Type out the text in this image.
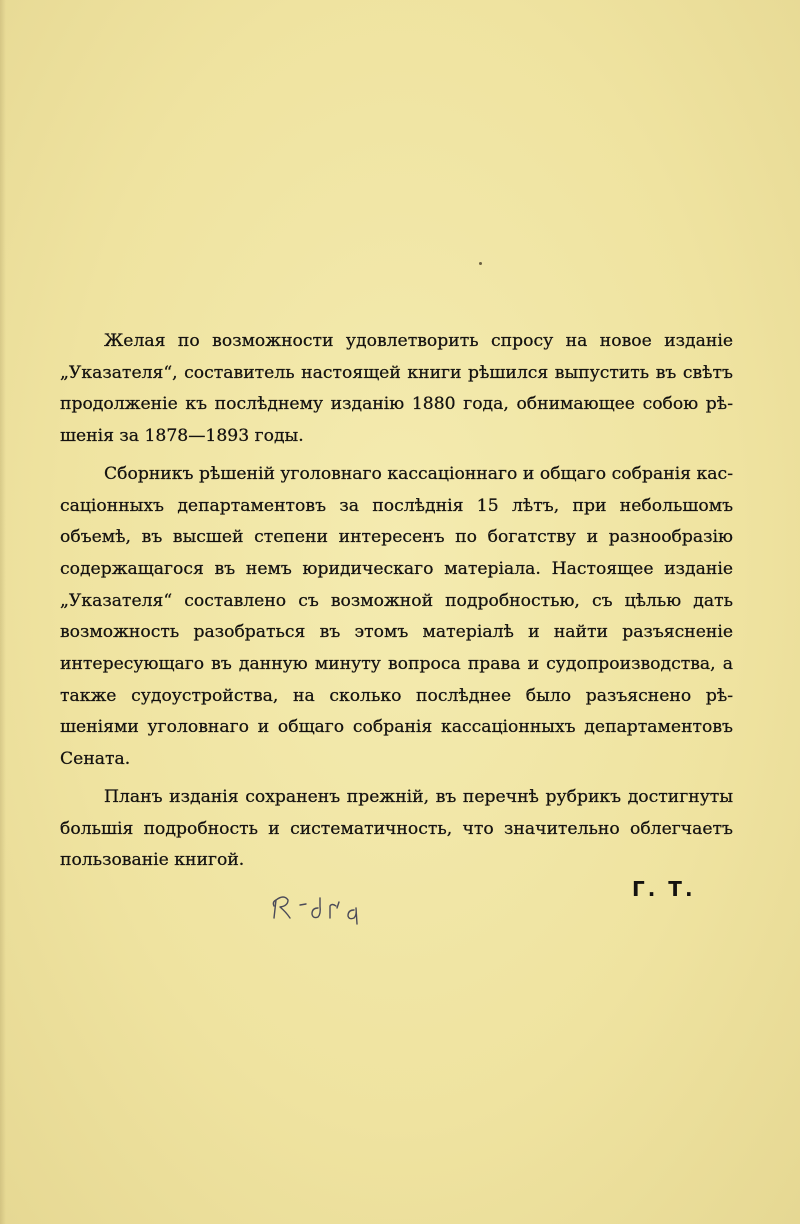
Желая по возможности удовлетворить спросу на новое изданіе „Указателя“, составитель настоящей книги рѣшился выпустить въ свѣтъ продолженіе къ послѣднему изданію 1880 года, обнимающее собою рѣшенія за 1878—1893 годы.

Сборникъ рѣшеній уголовнаго кассаціоннаго и общаго собранія кассаціонныхъ департаментовъ за послѣднія 15 лѣтъ, при небольшомъ объемѣ, въ высшей степени интересенъ по богатству и разнообразію содержащагося въ немъ юридическаго матеріала. Настоящее изданіе „Указателя“ составлено съ возможной подробностью, съ цѣлью дать возможность разобраться въ этомъ матеріалѣ и найти разъясненіе интересующаго въ данную минуту вопроса права и судопроизводства, а также судоустройства, на сколько послѣднее было разъяснено рѣшеніями уголовнаго и общаго собранія кассаціонныхъ департаментовъ Сената.

Планъ изданія сохраненъ прежній, въ перечнѣ рубрикъ достигнуты большія подробность и систематичность, что значительно облегчаетъ пользованіе книгой.

Г. Т.
